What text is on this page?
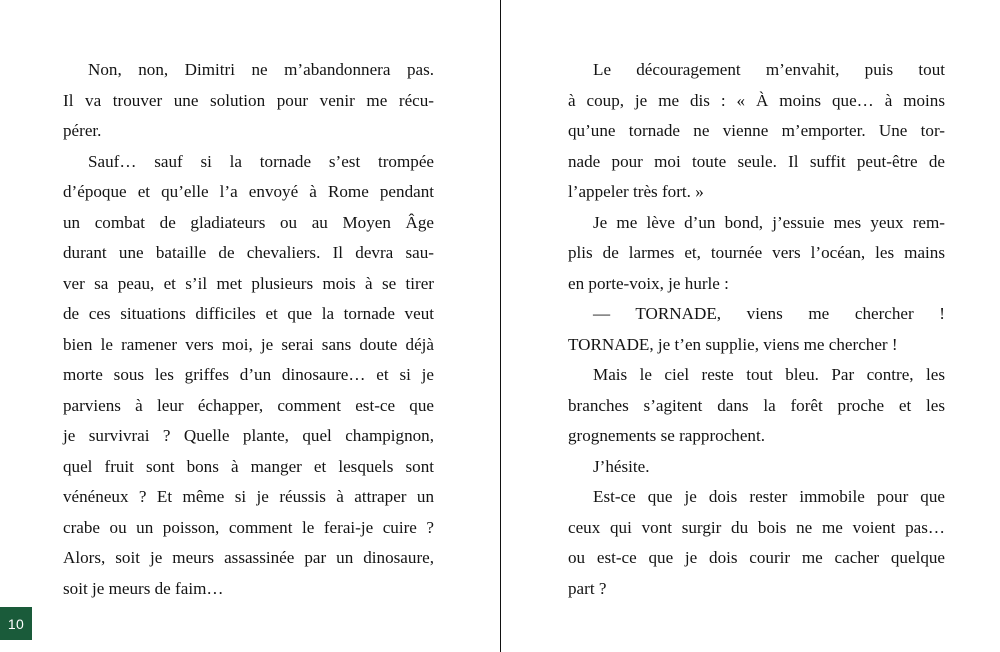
Non, non, Dimitri ne m’abandonnera pas.
Il va trouver une solution pour venir me récu-
pérer.

Sauf… sauf si la tornade s’est trompée
d’époque et qu’elle l’a envoyé à Rome pendant
un combat de gladiateurs ou au Moyen Âge
durant une bataille de chevaliers. Il devra sau-
ver sa peau, et s’il met plusieurs mois à se tirer
de ces situations difficiles et que la tornade veut
bien le ramener vers moi, je serai sans doute déjà
morte sous les griffes d’un dinosaure… et si je
parviens à leur échapper, comment est-ce que
je survivrai ? Quelle plante, quel champignon,
quel fruit sont bons à manger et lesquels sont
vénéneux ? Et même si je réussis à attraper un
crabe ou un poisson, comment le ferai-je cuire ?
Alors, soit je meurs assassinée par un dinosaure,
soit je meurs de faim…

Le découragement m’envahit, puis tout
à coup, je me dis : « À moins que… à moins
qu’une tornade ne vienne m’emporter. Une tor-
nade pour moi toute seule. Il suffit peut-être de
l’appeler très fort. »

Je me lève d’un bond, j’essuie mes yeux rem-
plis de larmes et, tournée vers l’océan, les mains
en porte-voix, je hurle :

— TORNADE, viens me chercher !
TORNADE, je t’en supplie, viens me chercher !

Mais le ciel reste tout bleu. Par contre, les
branches s’agitent dans la forêt proche et les
grognements se rapprochent.

J’hésite.

Est-ce que je dois rester immobile pour que
ceux qui vont surgir du bois ne me voient pas…
ou est-ce que je dois courir me cacher quelque
part ?

10
